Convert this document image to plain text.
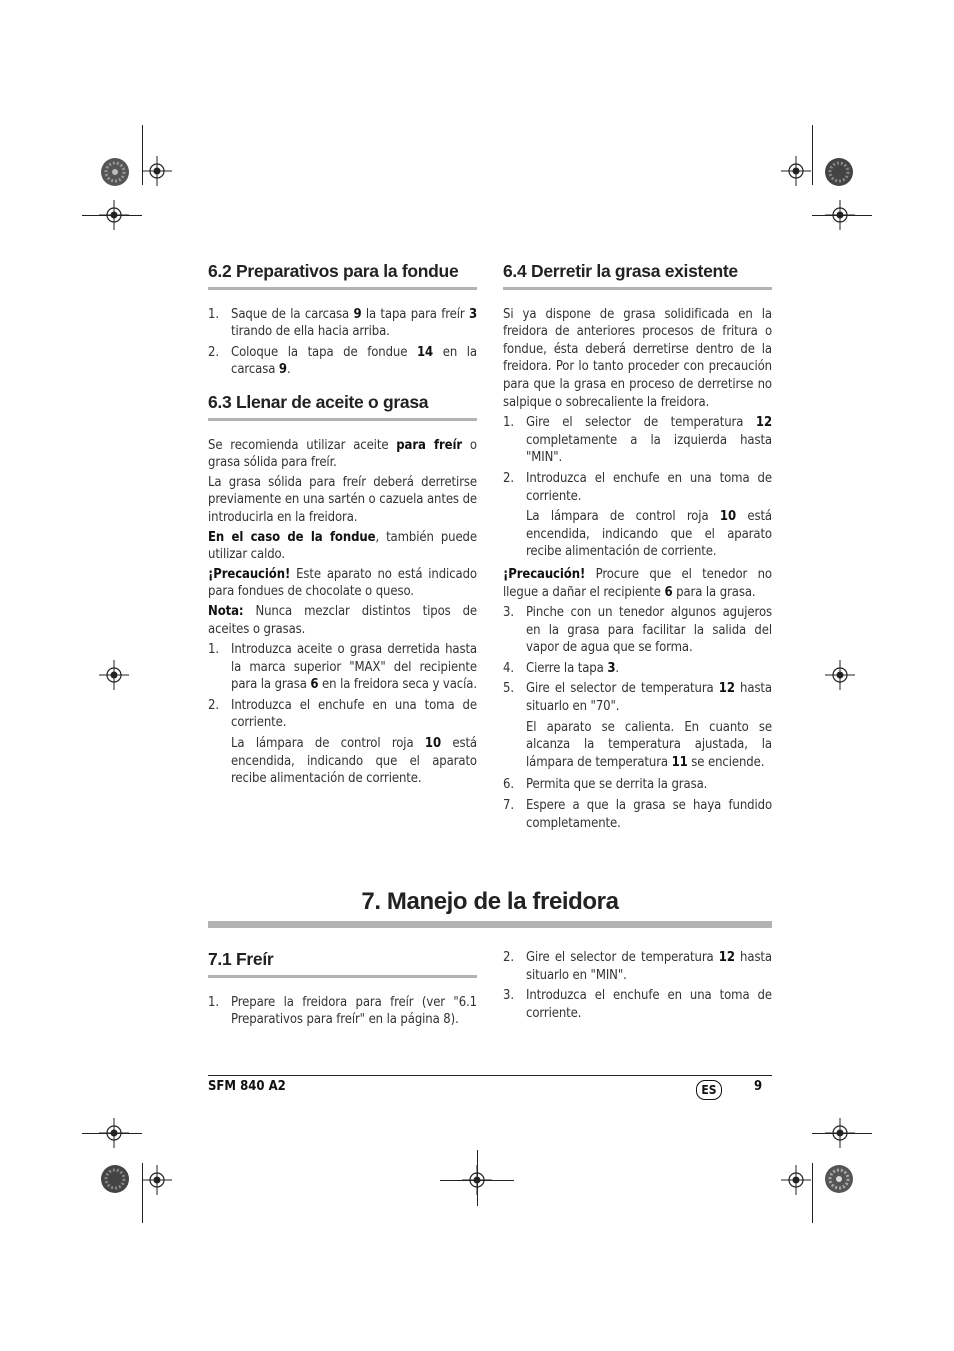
6.2 Preparativos para la fondue
1. Saque de la carcasa 9 la tapa para freír 3 tirando de ella hacia arriba.
2. Coloque la tapa de fondue 14 en la carcasa 9.
6.3 Llenar de aceite o grasa

Se recomienda utilizar aceite para freír o grasa sólida para freír.

La grasa sólida para freír deberá derretirse previamente en una sartén o cazuela antes de introducirla en la freidora.

En el caso de la fondue, también puede utilizar caldo.

¡Precaución! Este aparato no está indicado para fondues de chocolate o queso.

Nota: Nunca mezclar distintos tipos de aceites o grasas.

1. Introduzca aceite o grasa derretida hasta la marca superior "MAX" del recipiente para la grasa 6 en la freidora seca y vacía.
2. Introduzca el enchufe en una toma de corriente.

La lámpara de control roja 10 está encendida, indicando que el aparato recibe alimentación de corriente.

6.4 Derretir la grasa existente

Si ya dispone de grasa solidificada en la freidora de anteriores procesos de fritura o fondue, ésta deberá derretirse dentro de la freidora. Por lo tanto proceder con precaución para que la grasa en proceso de derretirse no salpique o sobrecaliente la freidora.

1. Gire el selector de temperatura 12 completamente a la izquierda hasta "MIN".
2. Introduzca el enchufe en una toma de corriente.

La lámpara de control roja 10 está encendida, indicando que el aparato recibe alimentación de corriente.

¡Precaución! Procure que el tenedor no llegue a dañar el recipiente 6 para la grasa.

3. Pinche con un tenedor algunos agujeros en la grasa para facilitar la salida del vapor de agua que se forma.
4. Cierre la tapa 3.
5. Gire el selector de temperatura 12 hasta situarlo en "70".

El aparato se calienta. En cuanto se alcanza la temperatura ajustada, la lámpara de temperatura 11 se enciende.

6. Permita que se derrita la grasa.
7. Espere a que la grasa se haya fundido completamente.
7. Manejo de la freidora
7.1 Freír
1. Prepare la freidora para freír (ver "6.1 Preparativos para freír" en la página 8).
2. Gire el selector de temperatura 12 hasta situarlo en "MIN".
3. Introduzca el enchufe en una toma de corriente.
SFM 840 A2	ES	9
